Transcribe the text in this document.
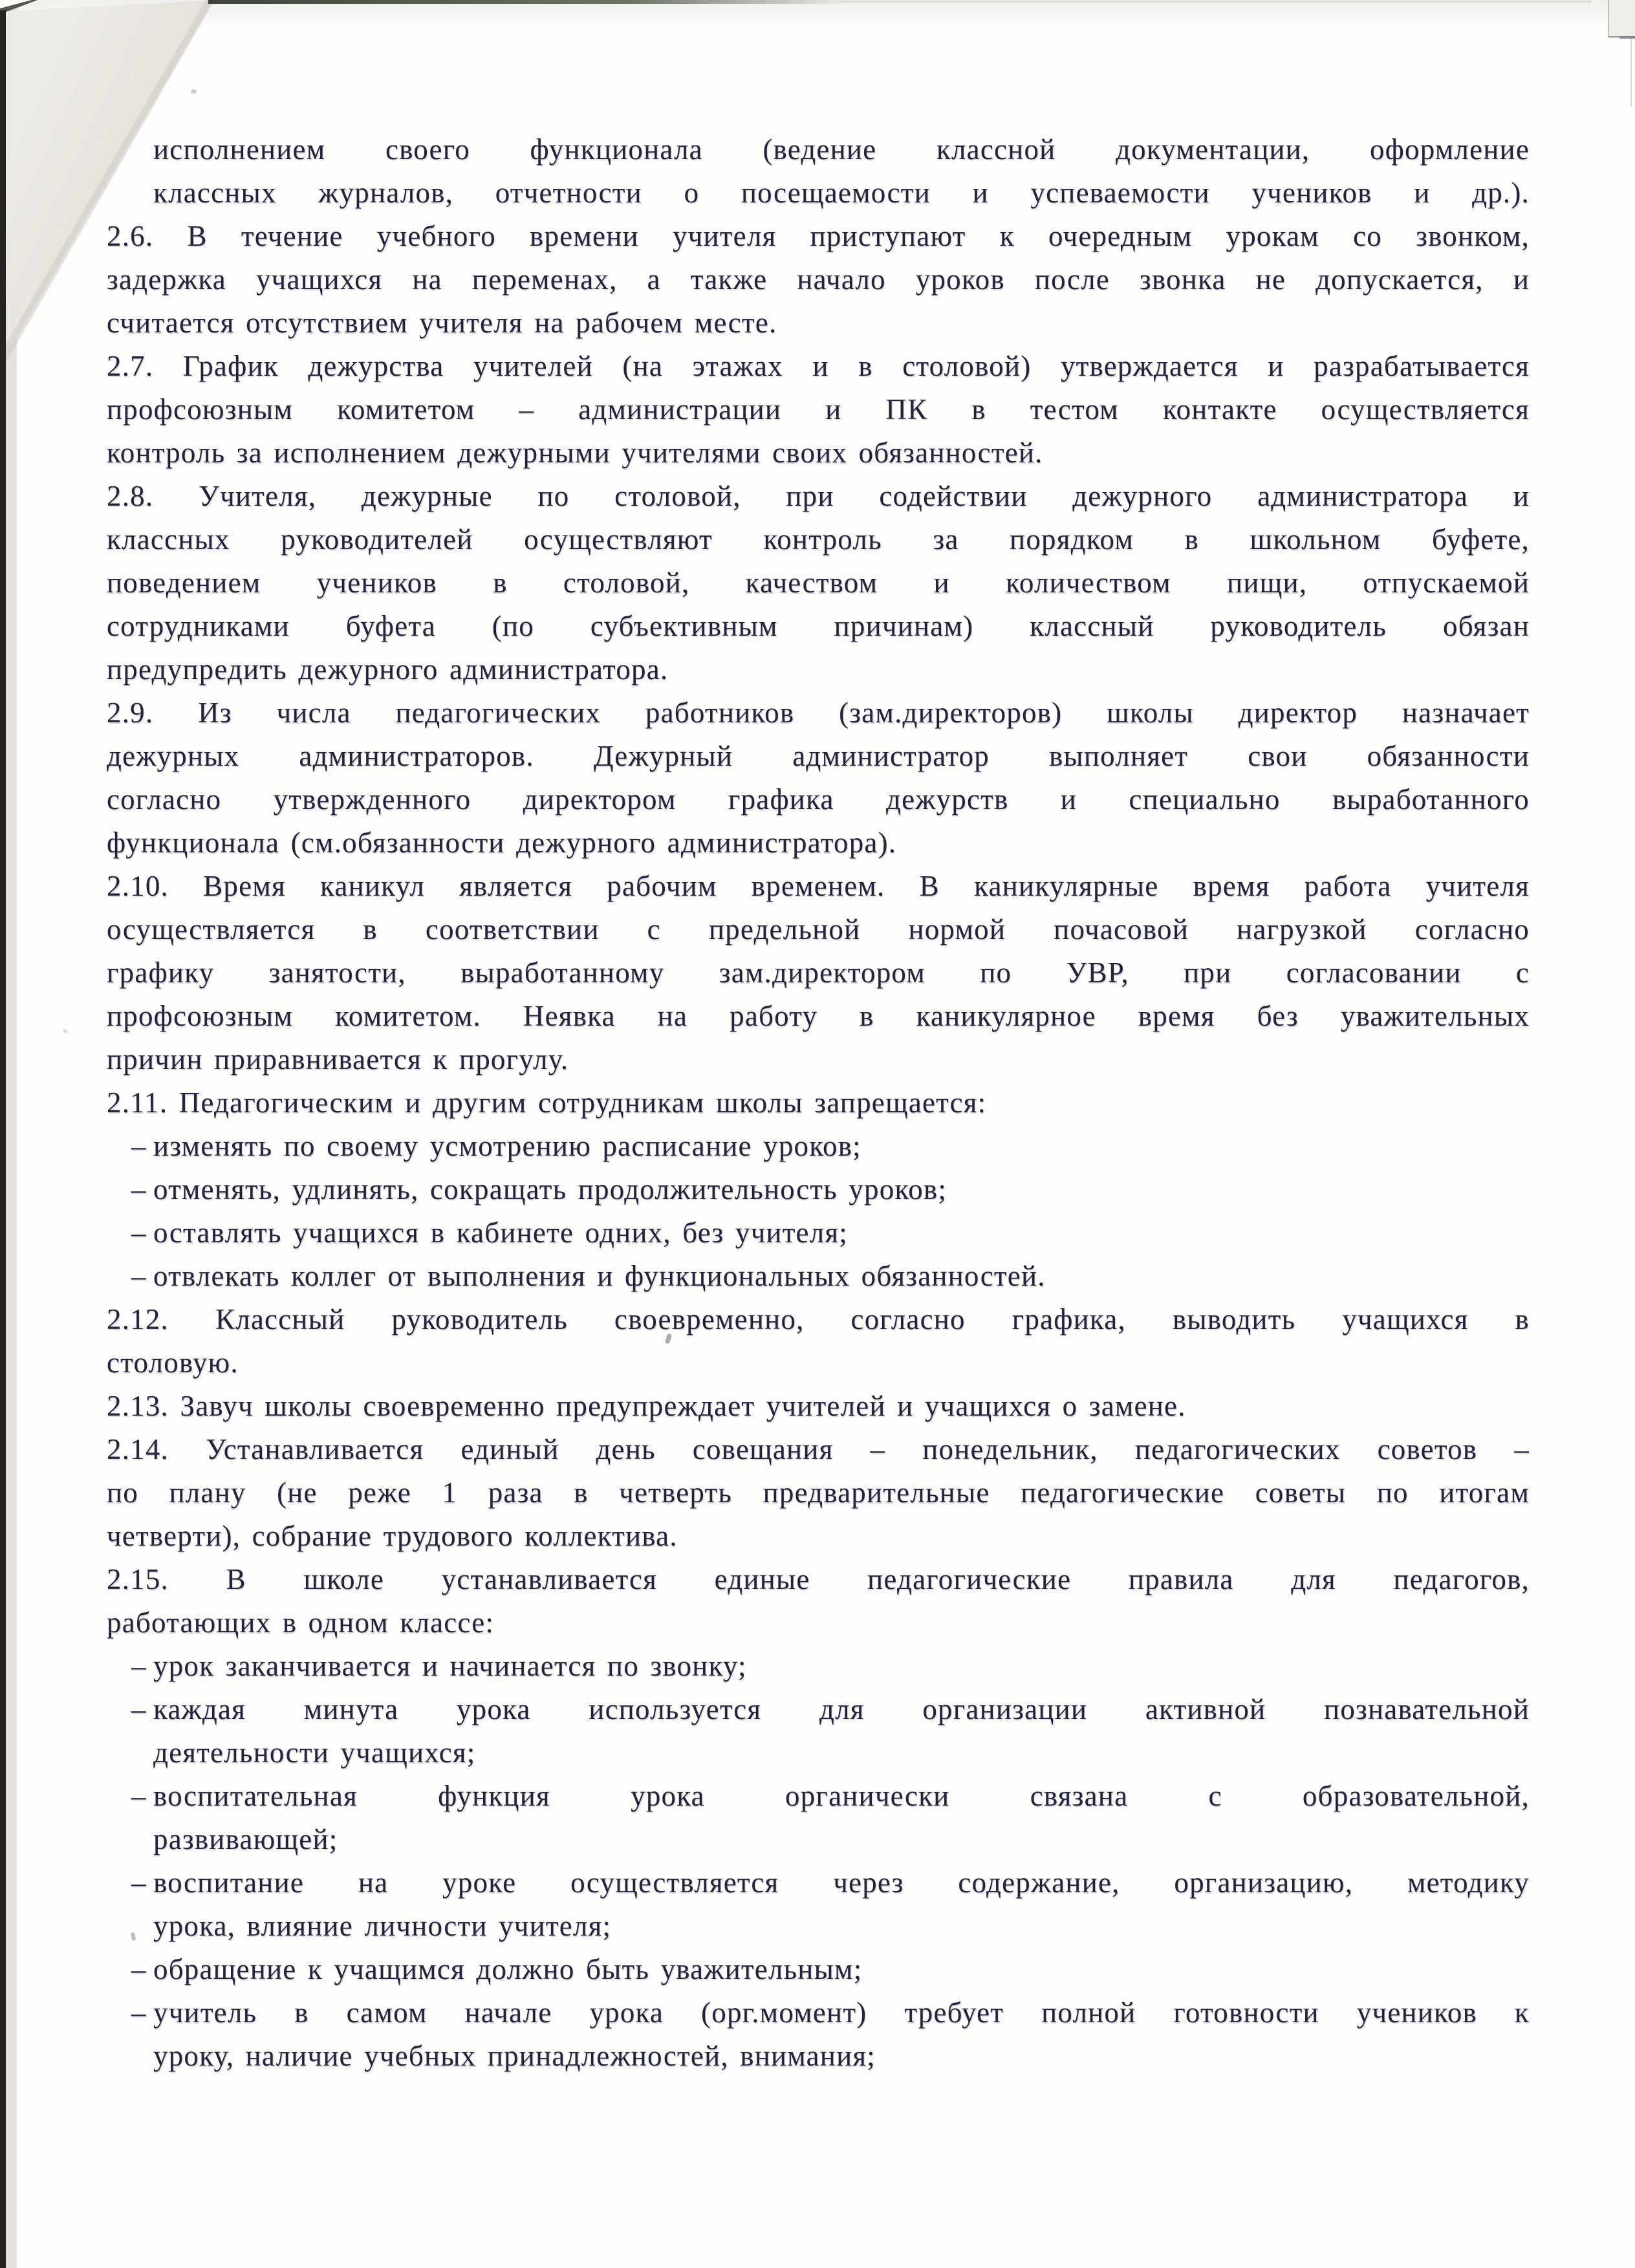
исполнением своего функционала (ведение классной документации, оформление
классных журналов, отчетности о посещаемости и успеваемости учеников и др.).
2.6. В течение учебного времени учителя приступают к очередным урокам со звонком,
задержка учащихся на переменах, а также начало уроков после звонка не допускается, и
считается отсутствием учителя на рабочем месте.
2.7. График дежурства учителей (на этажах и в столовой) утверждается и разрабатывается
профсоюзным комитетом – администрации и ПК в тестом контакте осуществляется
контроль за исполнением дежурными учителями своих обязанностей.
2.8. Учителя, дежурные по столовой, при содействии дежурного администратора и
классных руководителей осуществляют контроль за порядком в школьном буфете,
поведением учеников в столовой, качеством и количеством пищи, отпускаемой
сотрудниками буфета (по субъективным причинам) классный руководитель обязан
предупредить дежурного администратора.
2.9. Из числа педагогических работников (зам.директоров) школы директор назначает
дежурных администраторов. Дежурный администратор выполняет свои обязанности
согласно утвержденного директором графика дежурств и специально выработанного
функционала (см.обязанности дежурного администратора).
2.10. Время каникул является рабочим временем. В каникулярные время работа учителя
осуществляется в соответствии с предельной нормой почасовой нагрузкой согласно
графику занятости, выработанному зам.директором по УВР, при согласовании с
профсоюзным комитетом. Неявка на работу в каникулярное время без уважительных
причин приравнивается к прогулу.
2.11. Педагогическим и другим сотрудникам школы запрещается:
– изменять по своему усмотрению расписание уроков;
– отменять, удлинять, сокращать продолжительность уроков;
– оставлять учащихся в кабинете одних, без учителя;
– отвлекать коллег от выполнения и функциональных обязанностей.
2.12. Классный руководитель своевременно, согласно графика, выводить учащихся в
столовую.
2.13. Завуч школы своевременно предупреждает учителей и учащихся о замене.
2.14. Устанавливается единый день совещания – понедельник, педагогических советов –
по плану (не реже 1 раза в четверть предварительные педагогические советы по итогам
четверти), собрание трудового коллектива.
2.15. В школе устанавливается единые педагогические правила для педагогов,
работающих в одном классе:
– урок заканчивается и начинается по звонку;
– каждая минута урока используется для организации активной познавательной
деятельности учащихся;
– воспитательная функция урока органически связана с образовательной,
развивающей;
– воспитание на уроке осуществляется через содержание, организацию, методику
урока, влияние личности учителя;
– обращение к учащимся должно быть уважительным;
– учитель в самом начале урока (орг.момент) требует полной готовности учеников к
уроку, наличие учебных принадлежностей, внимания;
